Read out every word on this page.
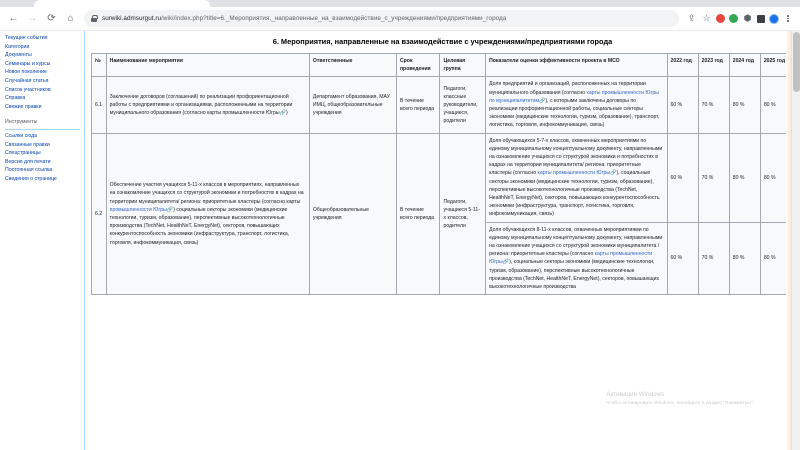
← → ⟳	⌂	surwiki.admsurgut.ru/wiki/index.php?title=6._Мероприятия,_направленные_на_взаимодействие_с_учреждениями/предприятиями_города	⇪ ☆	⬢
Текущие события
Категории
Документы
Семинары и курсы
Новое поколение
Случайная статья
Список участников
Справка
Свежие правки
Инструменты
Ссылки сюда
Связанные правки
Спецстраницы
Версия для печати
Постоянная ссылка
Сведения о странице
6. Мероприятия, направленные на взаимодействие с учреждениями/предприятиями города
№	Наименование мероприятия	Ответственные	Срок проведения	Целевая группа	Показатели оценки эффективности проекта в МСО	2022 год	2023 год	2024 год	2025 год
6.1	Заключение договоров (соглашений) по реализации профориентационной работы с предприятиями и организациями, расположенными на территории муниципального образования (согласно карты промышленности Югры🔗)	Департамент образования, МАУ ИМЦ, общеобразовательные учреждения	В течение всего периода	Педагоги, классные руководители, учащиеся, родители	Доля предприятий и организаций, расположенных на территории муниципального образования (согласно карты промышленности Югры по муниципалитетам🔗), с которыми заключены договоры по реализации профориентационной работы, социальные секторы экономики (медицинские технологии, туризм, образование), транспорт, логистика, торговля, инфокоммуникация, связь)	60 %	70 %	80 %	80 %
6.2	Обеспечение участия учащихся 5-11-х классов в мероприятиях, направленных на ознакомление учащихся со структурой экономики и потребностях в кадрах на территории муниципалитета/ региона: приоритетные кластеры (согласно карты промышленности Югры🔗) социальные секторы экономики (медицинские технологии, туризм, образование), перспективные высокотехнологичные производства (TechNet, HealthNeT, EnergyNet), секторов, повышающих конкурентоспособность экономики (инфраструктура, транспорт, логистика, торговля, инфокоммуникация, связь)	Общеобразовательные учреждения	В течение всего периода	Педагоги, учащиеся 5-11-х классов, родители	Доля обучающихся 5-7-х классов, охваченных мероприятиями по единому муниципальному концептуальному документу, направленными на ознакомление учащихся со структурой экономики и потребностях в кадрах на территории муниципалитета/ региона: приоритетные кластеры (согласно карты промышленности Югры🔗), социальные секторы экономики (медицинские технологии, туризм, образование), перспективные высокотехнологичные производства (TechNet, HealthNeT, EnergyNet), секторов, повышающих конкурентоспособность экономики (инфраструктура, транспорт, логистика, торговля, инфокоммуникация, связь)	60 %	70 %	80 %	80 %
					Доля обучающихся 8-11-х классов, охваченных мероприятиями по единому муниципальному концептуальному документу, направленными на ознакомление учащихся со структурой экономики муниципалитета / региона: приоритетные кластеры (согласно карты промышленности Югры🔗), социальные секторы экономики (медицинские технологии, туризм, образование), перспективные высокотехнологичные производства (TechNet, HealthNeT, EnergyNet), секторов, повышающих высокотехнологичные производства	60 %	70 %	80 %	80 %
Активация Windows
Чтобы активировать Windows, перейдите в раздел "Параметры".
